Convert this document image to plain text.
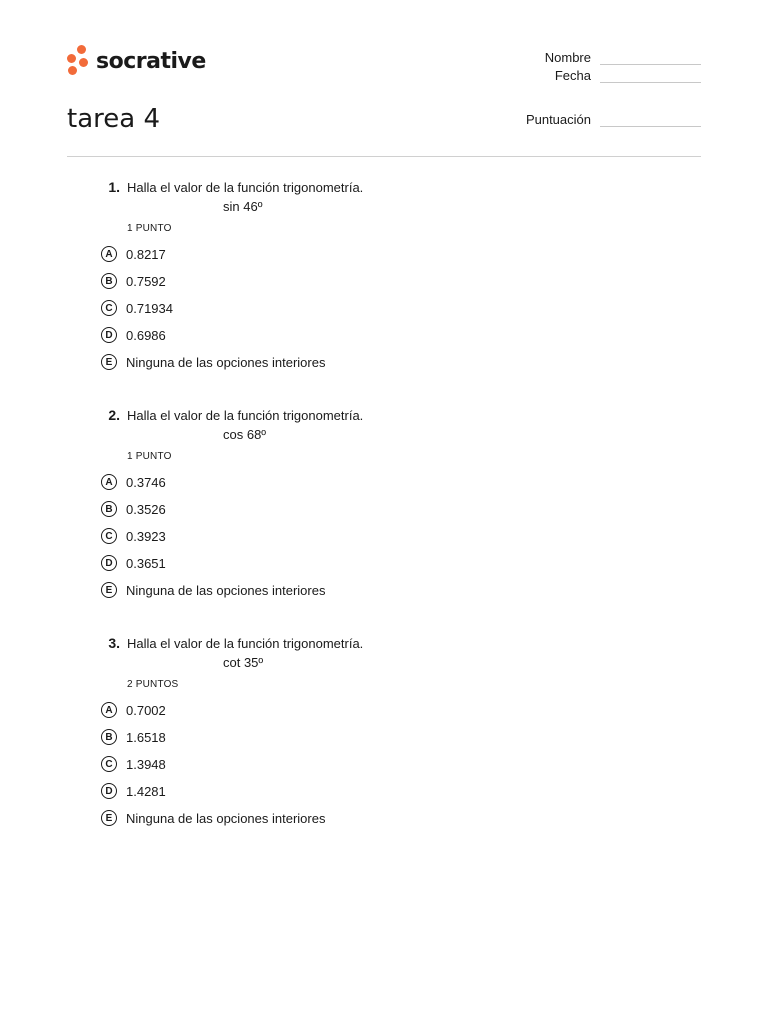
socrative	Nombre
Fecha
tarea 4	Puntuación
1. Halla el valor de la función trigonometría.
sin 46º
1 PUNTO
A	0.8217
B	0.7592
C	0.71934
D	0.6986
E	Ninguna de las opciones interiores
2. Halla el valor de la función trigonometría.
cos 68º
1 PUNTO
A	0.3746
B	0.3526
C	0.3923
D	0.3651
E	Ninguna de las opciones interiores
3. Halla el valor de la función trigonometría.
cot 35º
2 PUNTOS
A	0.7002
B	1.6518
C	1.3948
D	1.4281
E	Ninguna de las opciones interiores
